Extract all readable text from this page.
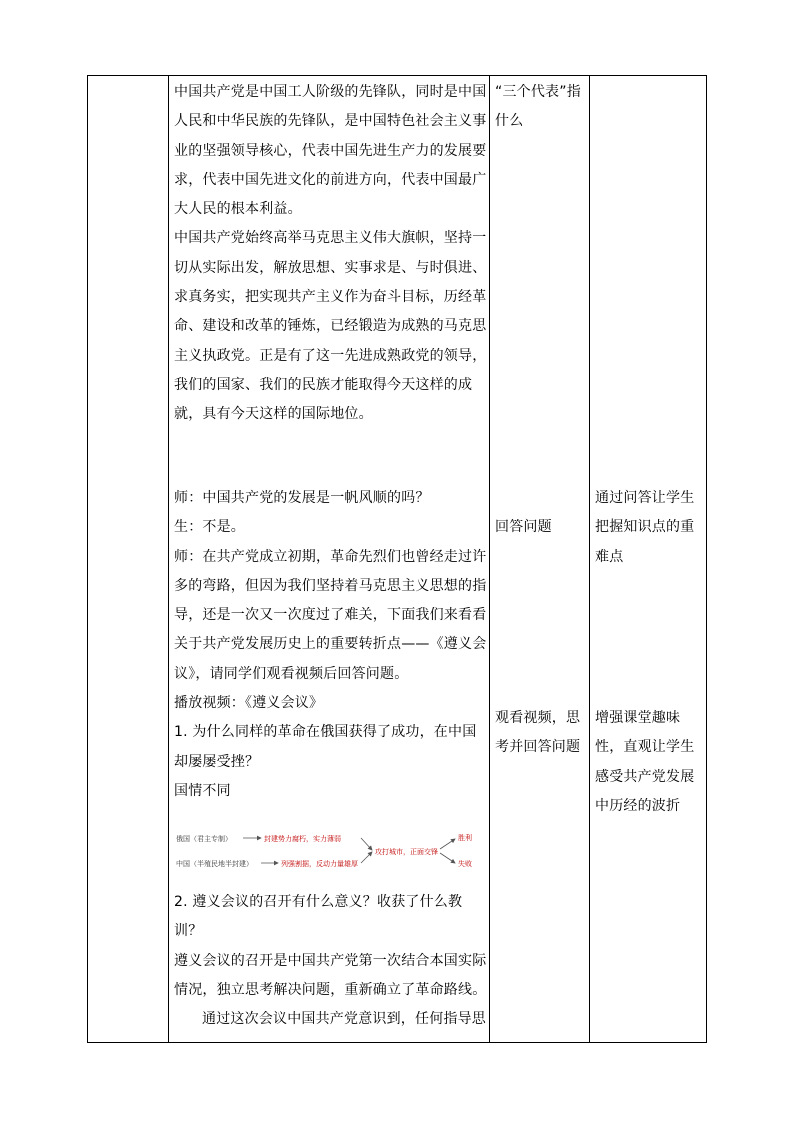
中国共产党是中国工人阶级的先锋队，同时是中国人民和中华民族的先锋队，是中国特色社会主义事业的坚强领导核心，代表中国先进生产力的发展要求，代表中国先进文化的前进方向，代表中国最广大人民的根本利益。

中国共产党始终高举马克思主义伟大旗帜，坚持一切从实际出发，解放思想、实事求是、与时俱进、求真务实，把实现共产主义作为奋斗目标，历经革命、建设和改革的锤炼，已经锻造为成熟的马克思主义执政党。正是有了这一先进成熟政党的领导，我们的国家、我们的民族才能取得今天这样的成就，具有今天这样的国际地位。

师：中国共产党的发展是一帆风顺的吗？

生：不是。

师：在共产党成立初期，革命先烈们也曾经走过许多的弯路，但因为我们坚持着马克思主义思想的指导，还是一次又一次度过了难关，下面我们来看看关于共产党发展历史上的重要转折点——《遵义会议》，请同学们观看视频后回答问题。

播放视频：《遵义会议》

1. 为什么同样的革命在俄国获得了成功，在中国却屡屡受挫？

国情不同

俄国（君主专制）	封建势力腐朽，实力薄弱
中国（半殖民地半封建）	列强割据，反动力量雄厚
攻打城市，正面交锋
胜利
失败

2. 遵义会议的召开有什么意义？收获了什么教训？

遵义会议的召开是中国共产党第一次结合本国实际情况，独立思考解决问题，重新确立了革命路线。

通过这次会议中国共产党意识到，任何指导思

“三个代表”指什么
回答问题
观看视频，思考并回答问题
通过问答让学生把握知识点的重难点
增强课堂趣味性，直观让学生感受共产党发展中历经的波折
